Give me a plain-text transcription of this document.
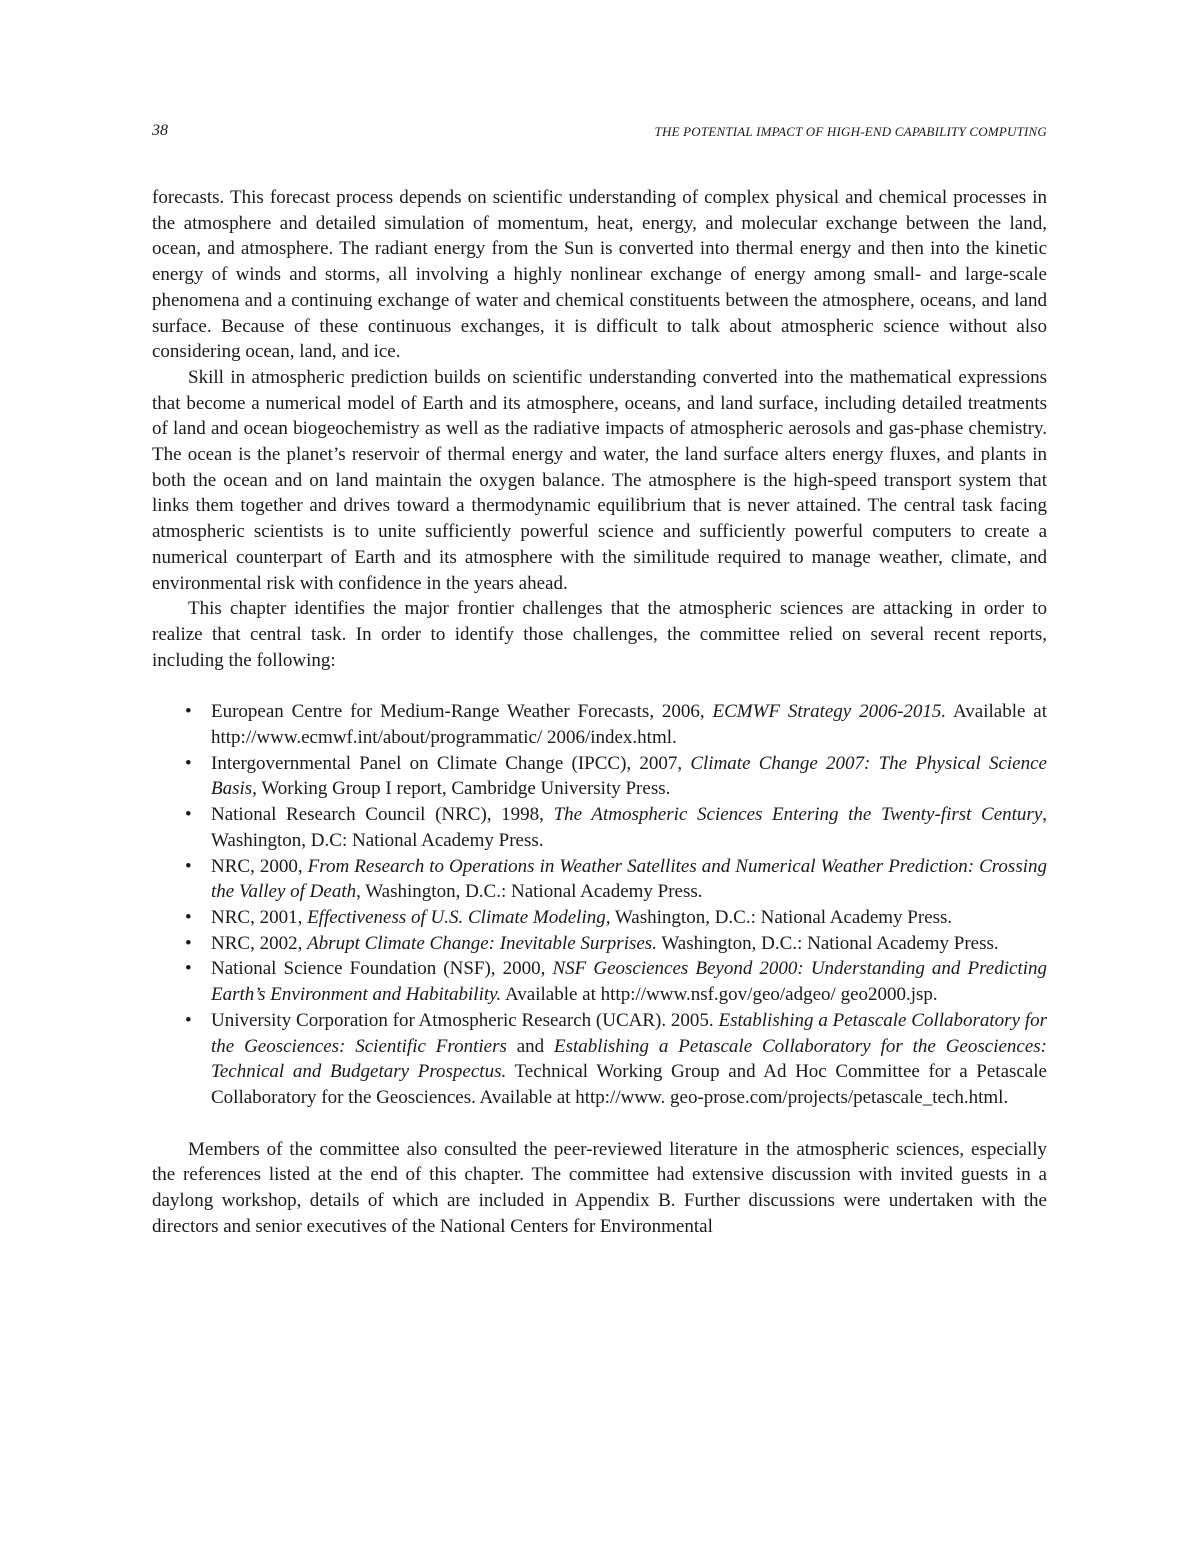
38	THE POTENTIAL IMPACT OF HIGH-END CAPABILITY COMPUTING

forecasts. This forecast process depends on scientific understanding of complex physical and chemical processes in the atmosphere and detailed simulation of momentum, heat, energy, and molecular exchange between the land, ocean, and atmosphere. The radiant energy from the Sun is converted into thermal energy and then into the kinetic energy of winds and storms, all involving a highly nonlinear exchange of energy among small- and large-scale phenomena and a continuing exchange of water and chemical constituents between the atmosphere, oceans, and land surface. Because of these continuous exchanges, it is difficult to talk about atmospheric science without also considering ocean, land, and ice.

Skill in atmospheric prediction builds on scientific understanding converted into the mathematical expressions that become a numerical model of Earth and its atmosphere, oceans, and land surface, including detailed treatments of land and ocean biogeochemistry as well as the radiative impacts of atmospheric aerosols and gas-phase chemistry. The ocean is the planet’s reservoir of thermal energy and water, the land surface alters energy fluxes, and plants in both the ocean and on land maintain the oxygen balance. The atmosphere is the high-speed transport system that links them together and drives toward a thermodynamic equilibrium that is never attained. The central task facing atmospheric scientists is to unite sufficiently powerful science and sufficiently powerful computers to create a numerical counterpart of Earth and its atmosphere with the similitude required to manage weather, climate, and environmental risk with confidence in the years ahead.

This chapter identifies the major frontier challenges that the atmospheric sciences are attacking in order to realize that central task. In order to identify those challenges, the committee relied on several recent reports, including the following:

• European Centre for Medium-Range Weather Forecasts, 2006, ECMWF Strategy 2006-2015. Available at http://www.ecmwf.int/about/programmatic/ 2006/index.html.
• Intergovernmental Panel on Climate Change (IPCC), 2007, Climate Change 2007: The Physical Science Basis, Working Group I report, Cambridge University Press.
• National Research Council (NRC), 1998, The Atmospheric Sciences Entering the Twenty-first Century, Washington, D.C: National Academy Press.
• NRC, 2000, From Research to Operations in Weather Satellites and Numerical Weather Prediction: Crossing the Valley of Death, Washington, D.C.: National Academy Press.
• NRC, 2001, Effectiveness of U.S. Climate Modeling, Washington, D.C.: National Academy Press.
• NRC, 2002, Abrupt Climate Change: Inevitable Surprises. Washington, D.C.: National Academy Press.
• National Science Foundation (NSF), 2000, NSF Geosciences Beyond 2000: Understanding and Predicting Earth’s Environment and Habitability. Available at http://www.nsf.gov/geo/adgeo/ geo2000.jsp.
• University Corporation for Atmospheric Research (UCAR). 2005. Establishing a Petascale Collaboratory for the Geosciences: Scientific Frontiers and Establishing a Petascale Collaboratory for the Geosciences: Technical and Budgetary Prospectus. Technical Working Group and Ad Hoc Committee for a Petascale Collaboratory for the Geosciences. Available at http://www. geo-prose.com/projects/petascale_tech.html.

Members of the committee also consulted the peer-reviewed literature in the atmospheric sciences, especially the references listed at the end of this chapter. The committee had extensive discussion with invited guests in a daylong workshop, details of which are included in Appendix B. Further discussions were undertaken with the directors and senior executives of the National Centers for Environmental
